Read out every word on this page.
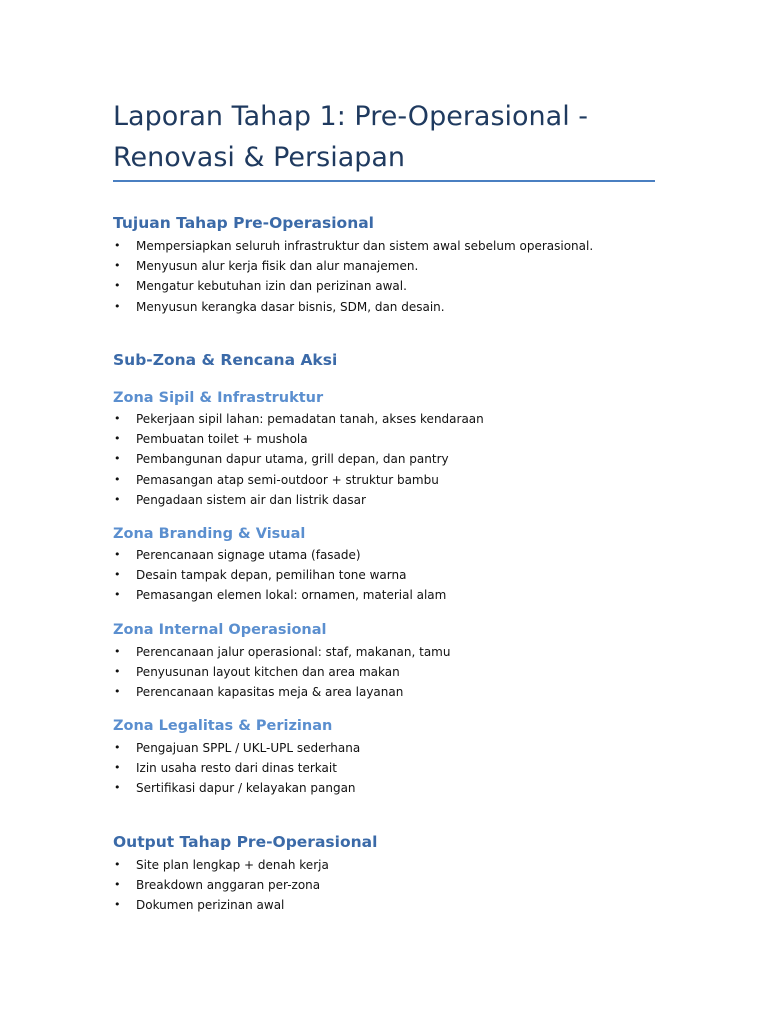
Laporan Tahap 1: Pre-Operasional -
Renovasi & Persiapan
Tujuan Tahap Pre-Operasional
• Mempersiapkan seluruh infrastruktur dan sistem awal sebelum operasional.
• Menyusun alur kerja fisik dan alur manajemen.
• Mengatur kebutuhan izin dan perizinan awal.
• Menyusun kerangka dasar bisnis, SDM, dan desain.
Sub-Zona & Rencana Aksi
Zona Sipil & Infrastruktur
• Pekerjaan sipil lahan: pemadatan tanah, akses kendaraan
• Pembuatan toilet + mushola
• Pembangunan dapur utama, grill depan, dan pantry
• Pemasangan atap semi-outdoor + struktur bambu
• Pengadaan sistem air dan listrik dasar
Zona Branding & Visual
• Perencanaan signage utama (fasade)
• Desain tampak depan, pemilihan tone warna
• Pemasangan elemen lokal: ornamen, material alam
Zona Internal Operasional
• Perencanaan jalur operasional: staf, makanan, tamu
• Penyusunan layout kitchen dan area makan
• Perencanaan kapasitas meja & area layanan
Zona Legalitas & Perizinan
• Pengajuan SPPL / UKL-UPL sederhana
• Izin usaha resto dari dinas terkait
• Sertifikasi dapur / kelayakan pangan
Output Tahap Pre-Operasional
• Site plan lengkap + denah kerja
• Breakdown anggaran per-zona
• Dokumen perizinan awal
